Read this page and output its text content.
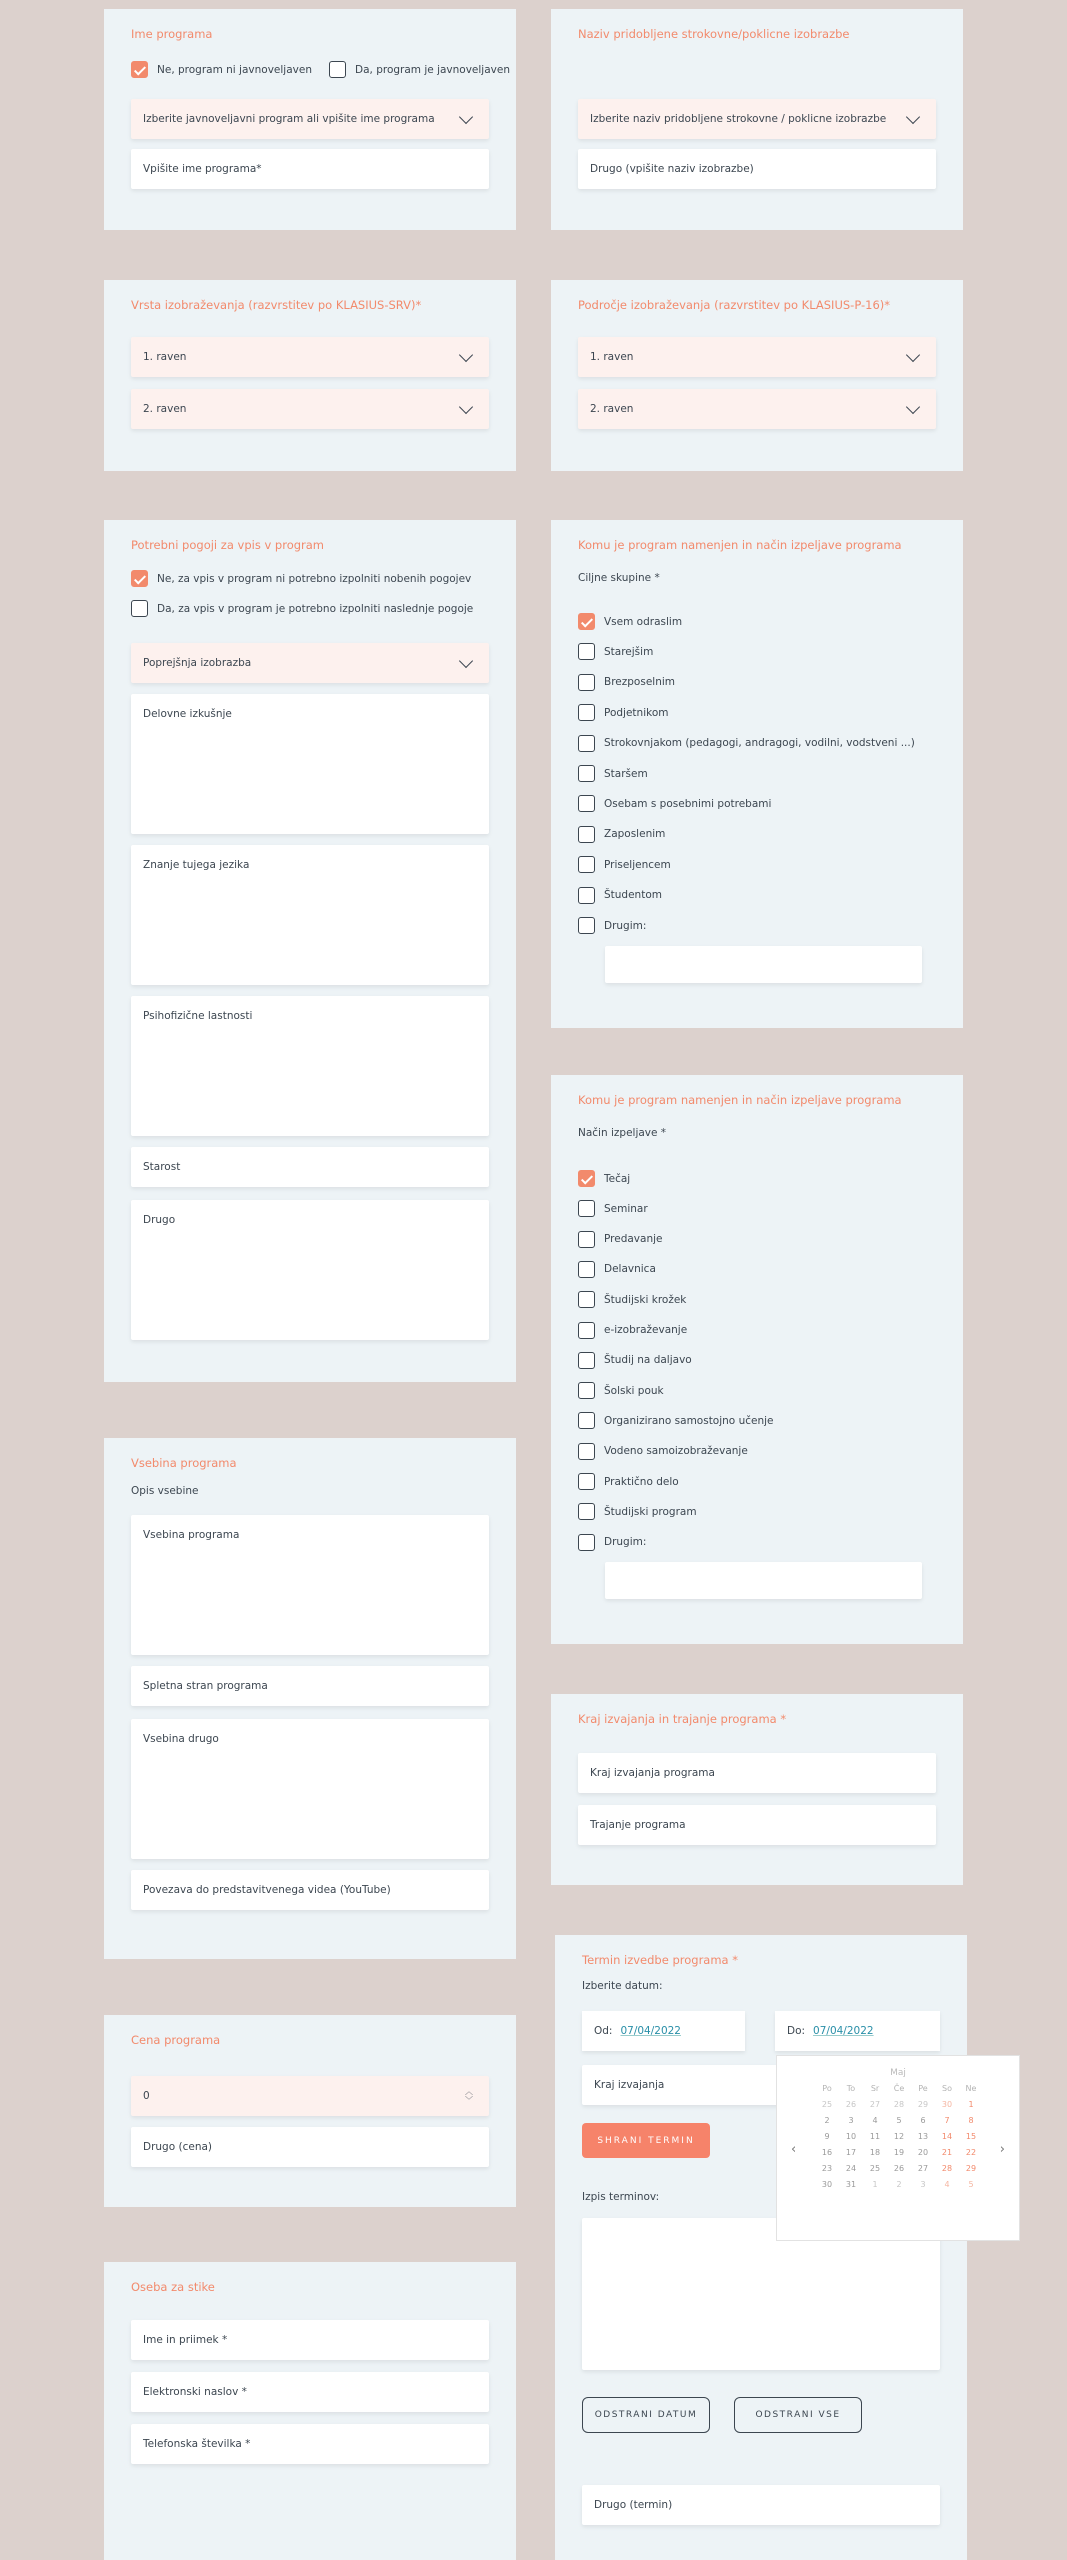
Ime programa
Ne, program ni javnoveljaven	Da, program je javnoveljaven
Izberite javnoveljavni program ali vpišite ime programa
Vpišite ime programa*
Naziv pridobljene strokovne/poklicne izobrazbe
Izberite naziv pridobljene strokovne / poklicne izobrazbe
Drugo (vpišite naziv izobrazbe)
Vrsta izobraževanja (razvrstitev po KLASIUS-SRV)*
1. raven
2. raven
Področje izobraževanja (razvrstitev po KLASIUS-P-16)*
1. raven
2. raven
Potrebni pogoji za vpis v program
Ne, za vpis v program ni potrebno izpolniti nobenih pogojev
Da, za vpis v program je potrebno izpolniti naslednje pogoje
Poprejšnja izobrazba
Delovne izkušnje
Znanje tujega jezika
Psihofizične lastnosti
Starost
Drugo
Komu je program namenjen in način izpeljave programa
Ciljne skupine *
Vsem odraslim
Starejšim
Brezposelnim
Podjetnikom
Strokovnjakom (pedagogi, andragogi, vodilni, vodstveni ...)
Staršem
Osebam s posebnimi potrebami
Zaposlenim
Priseljencem
Študentom
Drugim:
Komu je program namenjen in način izpeljave programa
Način izpeljave *
Tečaj
Seminar
Predavanje
Delavnica
Študijski krožek
e-izobraževanje
Študij na daljavo
Šolski pouk
Organizirano samostojno učenje
Vodeno samoizobraževanje
Praktično delo
Študijski program
Drugim:
Vsebina programa
Opis vsebine
Vsebina programa
Spletna stran programa
Vsebina drugo
Povezava do predstavitvenega videa (YouTube)
Kraj izvajanja in trajanje programa *
Kraj izvajanja programa
Trajanje programa
Termin izvedbe programa *
Izberite datum:
Od: 07/04/2022	Do: 07/04/2022
Kraj izvajanja
SHRANI TERMIN
Izpis terminov:
ODSTRANI DATUM	ODSTRANI VSE
Drugo (termin)
Maj
‹	›
Po	To	Sr	Če	Pe	So	Ne
25	26	27	28	29	30	1
2	3	4	5	6	7	8
9	10	11	12	13	14	15
16	17	18	19	20	21	22
23	24	25	26	27	28	29
30	31	1	2	3	4	5
Cena programa
0	︿
﹀
Drugo (cena)
Oseba za stike
Ime in priimek *
Elektronski naslov *
Telefonska številka *
